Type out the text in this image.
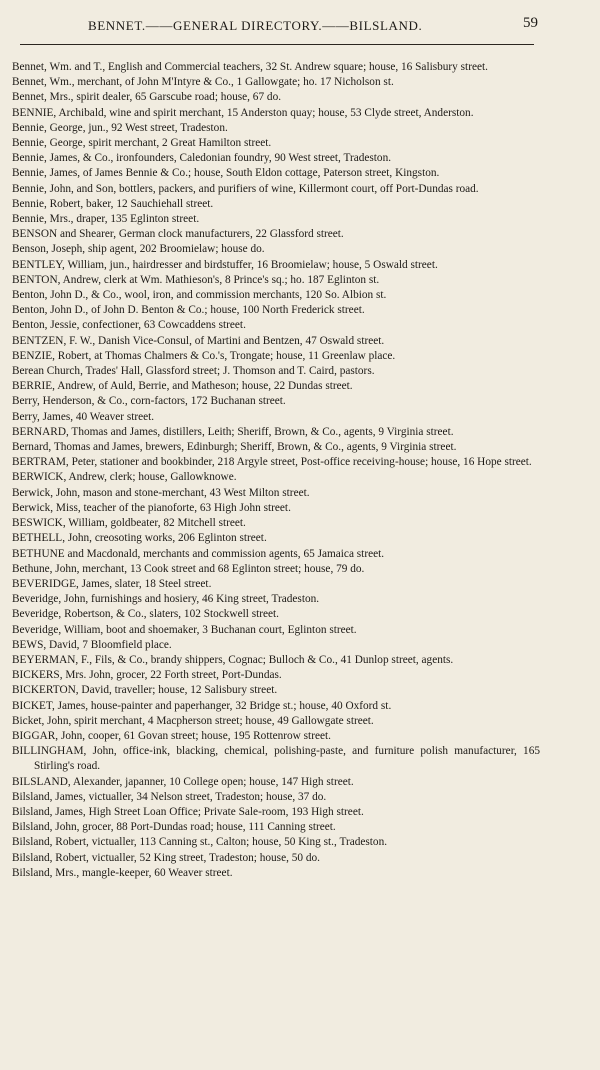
BENNET.——GENERAL DIRECTORY.——BILSLAND.	59
Bennet, Wm. and T., English and Commercial teachers, 32 St. Andrew square; house, 16 Salisbury street.
Bennet, Wm., merchant, of John M'Intyre & Co., 1 Gallowgate; ho. 17 Nicholson st.
Bennet, Mrs., spirit dealer, 65 Garscube road; house, 67 do.
BENNIE, Archibald, wine and spirit merchant, 15 Anderston quay; house, 53 Clyde street, Anderston.
Bennie, George, jun., 92 West street, Tradeston.
Bennie, George, spirit merchant, 2 Great Hamilton street.
Bennie, James, & Co., ironfounders, Caledonian foundry, 90 West street, Tradeston.
Bennie, James, of James Bennie & Co.; house, South Eldon cottage, Paterson street, Kingston.
Bennie, John, and Son, bottlers, packers, and purifiers of wine, Killermont court, off Port-Dundas road.
Bennie, Robert, baker, 12 Sauchiehall street.
Bennie, Mrs., draper, 135 Eglinton street.
BENSON and Shearer, German clock manufacturers, 22 Glassford street.
Benson, Joseph, ship agent, 202 Broomielaw; house do.
BENTLEY, William, jun., hairdresser and birdstuffer, 16 Broomielaw; house, 5 Oswald street.
BENTON, Andrew, clerk at Wm. Mathieson's, 8 Prince's sq.; ho. 187 Eglinton st.
Benton, John D., & Co., wool, iron, and commission merchants, 120 So. Albion st.
Benton, John D., of John D. Benton & Co.; house, 100 North Frederick street.
Benton, Jessie, confectioner, 63 Cowcaddens street.
BENTZEN, F. W., Danish Vice-Consul, of Martini and Bentzen, 47 Oswald street.
BENZIE, Robert, at Thomas Chalmers & Co.'s, Trongate; house, 11 Greenlaw place.
Berean Church, Trades' Hall, Glassford street; J. Thomson and T. Caird, pastors.
BERRIE, Andrew, of Auld, Berrie, and Matheson; house, 22 Dundas street.
Berry, Henderson, & Co., corn-factors, 172 Buchanan street.
Berry, James, 40 Weaver street.
BERNARD, Thomas and James, distillers, Leith; Sheriff, Brown, & Co., agents, 9 Virginia street.
Bernard, Thomas and James, brewers, Edinburgh; Sheriff, Brown, & Co., agents, 9 Virginia street.
BERTRAM, Peter, stationer and bookbinder, 218 Argyle street, Post-office receiving-house; house, 16 Hope street.
BERWICK, Andrew, clerk; house, Gallowknowe.
Berwick, John, mason and stone-merchant, 43 West Milton street.
Berwick, Miss, teacher of the pianoforte, 63 High John street.
BESWICK, William, goldbeater, 82 Mitchell street.
BETHELL, John, creosoting works, 206 Eglinton street.
BETHUNE and Macdonald, merchants and commission agents, 65 Jamaica street.
Bethune, John, merchant, 13 Cook street and 68 Eglinton street; house, 79 do.
BEVERIDGE, James, slater, 18 Steel street.
Beveridge, John, furnishings and hosiery, 46 King street, Tradeston.
Beveridge, Robertson, & Co., slaters, 102 Stockwell street.
Beveridge, William, boot and shoemaker, 3 Buchanan court, Eglinton street.
BEWS, David, 7 Bloomfield place.
BEYERMAN, F., Fils, & Co., brandy shippers, Cognac; Bulloch & Co., 41 Dunlop street, agents.
BICKERS, Mrs. John, grocer, 22 Forth street, Port-Dundas.
BICKERTON, David, traveller; house, 12 Salisbury street.
BICKET, James, house-painter and paperhanger, 32 Bridge st.; house, 40 Oxford st.
Bicket, John, spirit merchant, 4 Macpherson street; house, 49 Gallowgate street.
BIGGAR, John, cooper, 61 Govan street; house, 195 Rottenrow street.
BILLINGHAM, John, office-ink, blacking, chemical, polishing-paste, and furniture polish manufacturer, 165 Stirling's road.
BILSLAND, Alexander, japanner, 10 College open; house, 147 High street.
Bilsland, James, victualler, 34 Nelson street, Tradeston; house, 37 do.
Bilsland, James, High Street Loan Office; Private Sale-room, 193 High street.
Bilsland, John, grocer, 88 Port-Dundas road; house, 111 Canning street.
Bilsland, Robert, victualler, 113 Canning st., Calton; house, 50 King st., Tradeston.
Bilsland, Robert, victualler, 52 King street, Tradeston; house, 50 do.
Bilsland, Mrs., mangle-keeper, 60 Weaver street.
